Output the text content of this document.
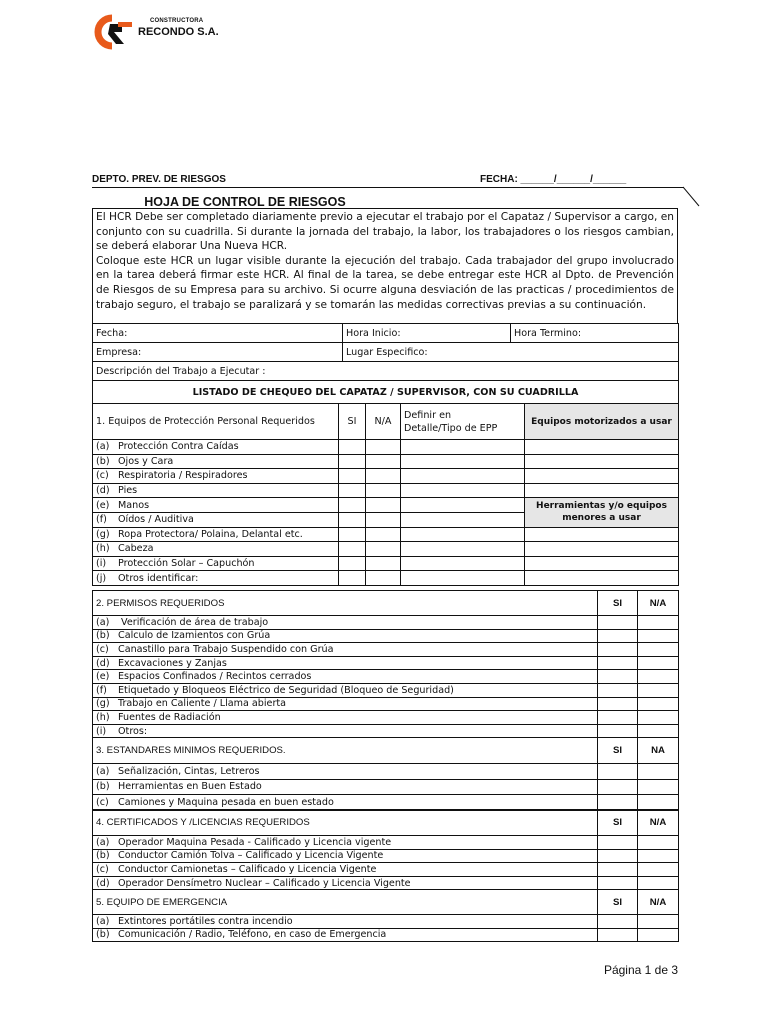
CONSTRUCTORA
RECONDO S.A.
DEPTO. PREV. DE RIESGOS	FECHA: ______/______/______
HOJA DE CONTROL DE RIESGOS

El HCR Debe ser completado diariamente previo a ejecutar el trabajo por el Capataz / Supervisor a cargo, en conjunto con su cuadrilla. Si durante la jornada del trabajo, la labor, los trabajadores o los riesgos cambian, se deberá elaborar Una Nueva HCR.

Coloque este HCR un lugar visible durante la ejecución del trabajo. Cada trabajador del grupo involucrado en la tarea deberá firmar este HCR. Al final de la tarea, se debe entregar este HCR al Dpto. de Prevención de Riesgos de su Empresa para su archivo. Si ocurre alguna desviación de las practicas / procedimientos de trabajo seguro, el trabajo se paralizará y se tomarán las medidas correctivas previas a su continuación.

Fecha:	Hora Inicio:	Hora Termino:
Empresa:	Lugar Especifico:	
Descripción del Trabajo a Ejecutar :		
LISTADO DE CHEQUEO DEL CAPATAZ / SUPERVISOR, CON SU CUADRILLA		
1. Equipos de Protección Personal Requeridos	SI	N/A	Definir en
Detalle/Tipo de EPP	Equipos motorizados a usar
(a) Protección Contra Caídas				
(b) Ojos y Cara				
(c) Respiratoria / Respiradores				
(d) Pies				
(e) Manos				Herramientas y/o equipos
menores a usar
(f) Oídos / Auditiva				
(g) Ropa Protectora/ Polaina, Delantal etc.				
(h) Cabeza				
(i) Protección Solar – Capuchón				
(j) Otros identificar:				
2. PERMISOS REQUERIDOS	SI	N/A
(a) Verificación de área de trabajo		
(b) Calculo de Izamientos con Grúa		
(c) Canastillo para Trabajo Suspendido con Grúa		
(d) Excavaciones y Zanjas		
(e) Espacios Confinados / Recintos cerrados		
(f) Etiquetado y Bloqueos Eléctrico de Seguridad (Bloqueo de Seguridad)		
(g) Trabajo en Caliente / Llama abierta		
(h) Fuentes de Radiación		
(i) Otros:		
3. ESTANDARES MINIMOS REQUERIDOS.	SI	NA
(a) Señalización, Cintas, Letreros		
(b) Herramientas en Buen Estado		
(c) Camiones y Maquina pesada en buen estado		
4. CERTIFICADOS Y /LICENCIAS REQUERIDOS	SI	N/A
(a) Operador Maquina Pesada - Calificado y Licencia vigente		
(b) Conductor Camión Tolva – Calificado y Licencia Vigente		
(c) Conductor Camionetas – Calificado y Licencia Vigente		
(d) Operador Densímetro Nuclear – Calificado y Licencia Vigente		
5. EQUIPO DE EMERGENCIA	SI	N/A
(a) Extintores portátiles contra incendio		
(b) Comunicación / Radio, Teléfono, en caso de Emergencia		
Página 1 de 3
